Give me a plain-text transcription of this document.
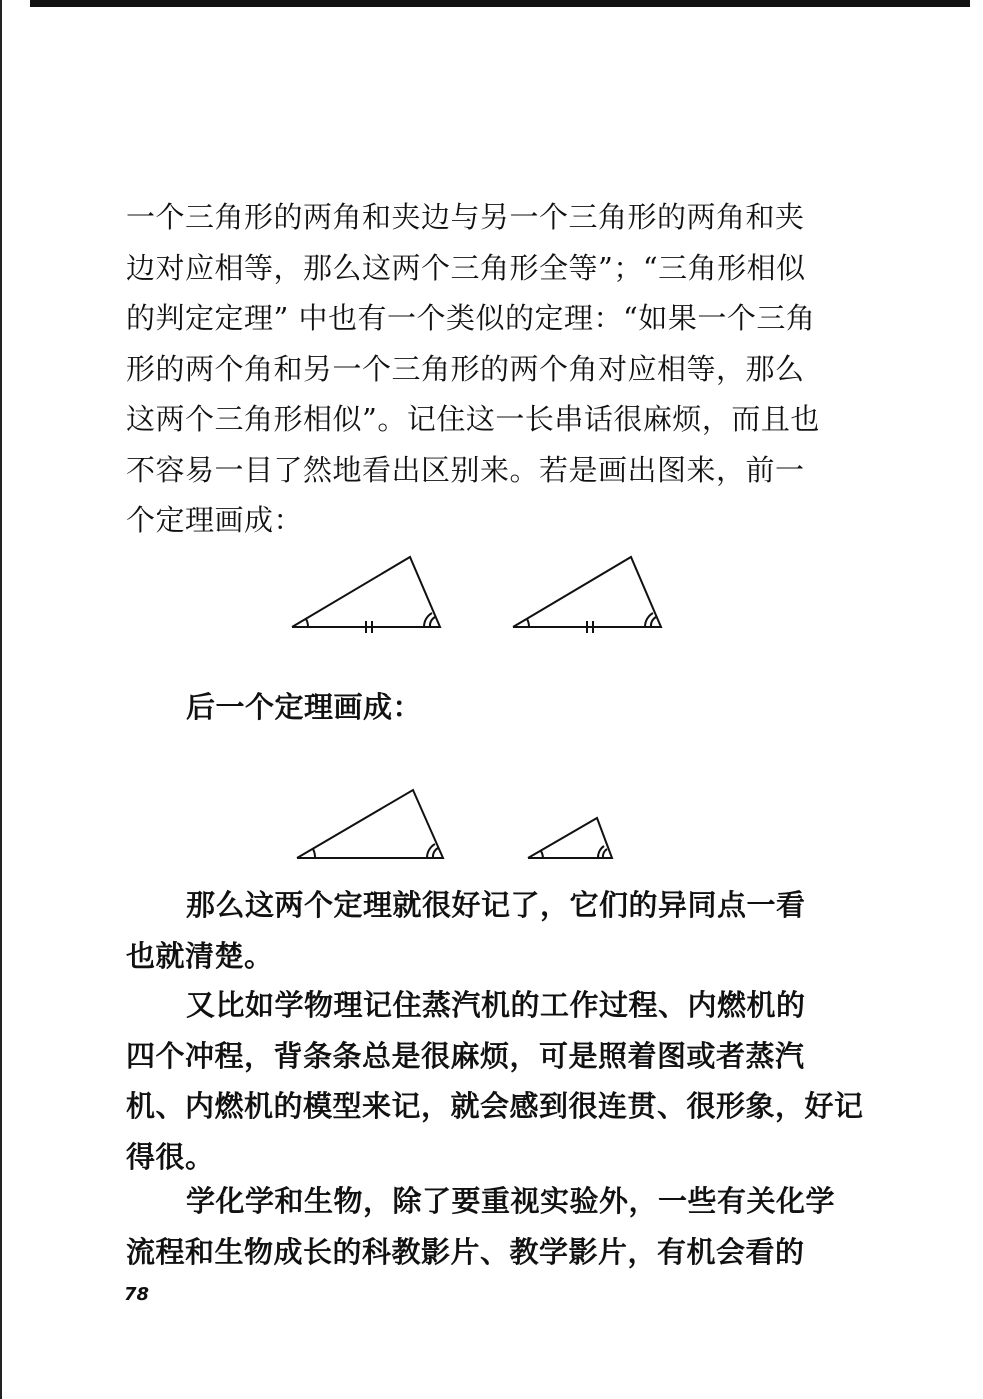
一个三角形的两角和夹边与另一个三角形的两角和夹
边对应相等，那么这两个三角形全等”；“三角形相似
的判定定理” 中也有一个类似的定理：“如果一个三角
形的两个角和另一个三角形的两个角对应相等，那么
这两个三角形相似”。记住这一长串话很麻烦，而且也
不容易一目了然地看出区别来。若是画出图来，前一
个定理画成：
后一个定理画成：
那么这两个定理就很好记了，它们的异同点一看
也就清楚。
又比如学物理记住蒸汽机的工作过程、内燃机的
四个冲程，背条条总是很麻烦，可是照着图或者蒸汽
机、内燃机的模型来记，就会感到很连贯、很形象，好记
得很。
学化学和生物，除了要重视实验外，一些有关化学
流程和生物成长的科教影片、教学影片，有机会看的
78
